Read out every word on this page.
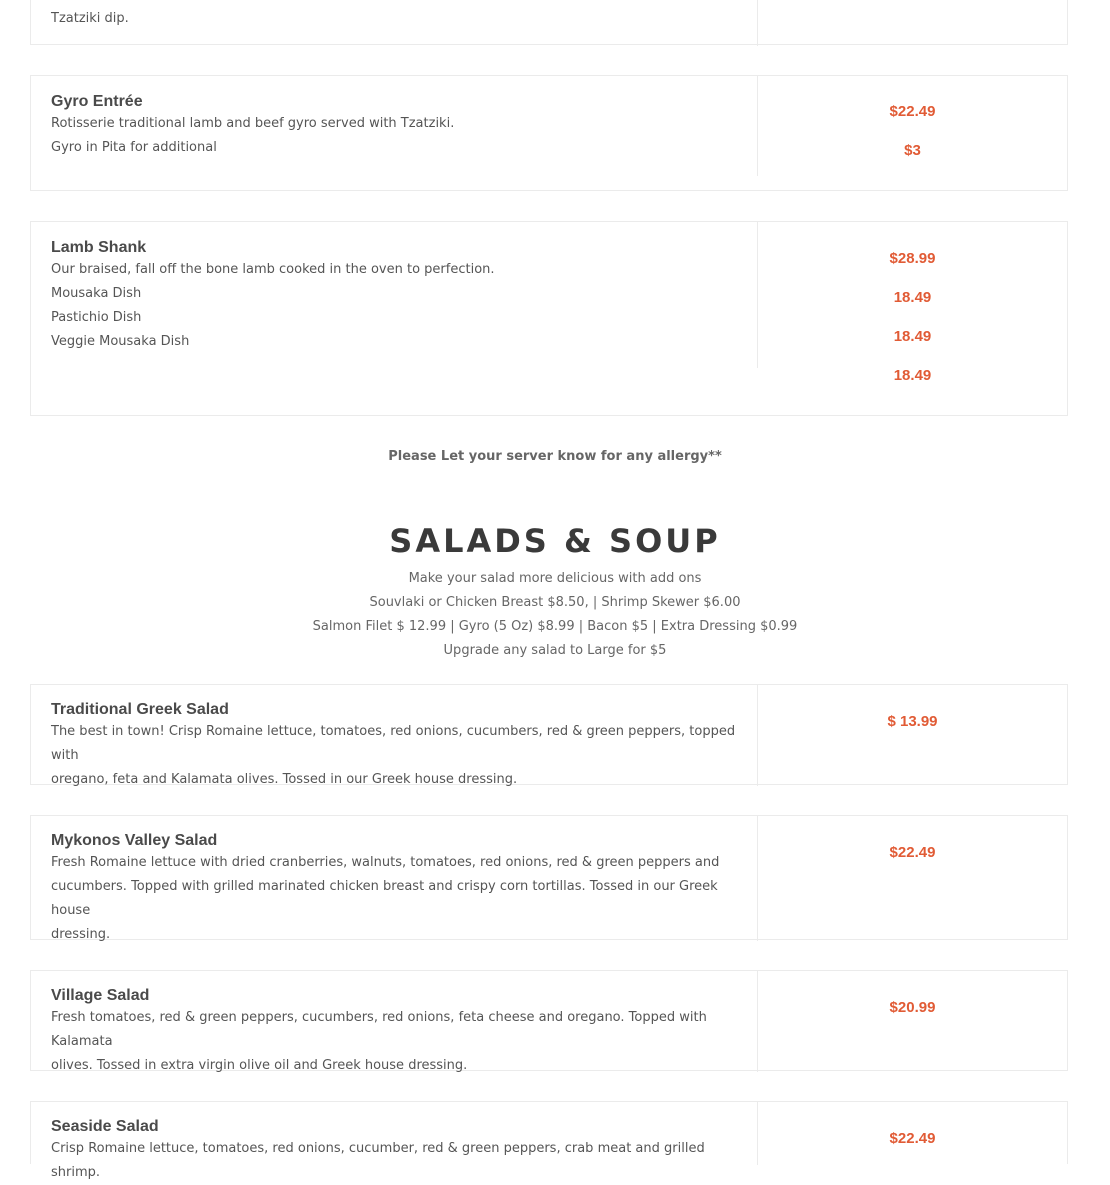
Tzatziki dip.

Gyro Entrée

Rotisserie traditional lamb and beef gyro served with Tzatziki.

Gyro in Pita for additional

$22.49
$3

Lamb Shank

Our braised, fall off the bone lamb cooked in the oven to perfection.

Mousaka Dish

Pastichio Dish

Veggie Mousaka Dish

$28.99
18.49
18.49
18.49
Please Let your server know for any allergy**
SALADS & SOUP
Make your salad more delicious with add ons
Souvlaki or Chicken Breast $8.50, | Shrimp Skewer $6.00
Salmon Filet $ 12.99 | Gyro (5 Oz) $8.99 | Bacon $5 | Extra Dressing $0.99
Upgrade any salad to Large for $5

Traditional Greek Salad

The best in town! Crisp Romaine lettuce, tomatoes, red onions, cucumbers, red & green peppers, topped with

oregano, feta and Kalamata olives. Tossed in our Greek house dressing.

$ 13.99

Mykonos Valley Salad

Fresh Romaine lettuce with dried cranberries, walnuts, tomatoes, red onions, red & green peppers and

cucumbers. Topped with grilled marinated chicken breast and crispy corn tortillas. Tossed in our Greek house

dressing.

$22.49

Village Salad

Fresh tomatoes, red & green peppers, cucumbers, red onions, feta cheese and oregano. Topped with Kalamata

olives. Tossed in extra virgin olive oil and Greek house dressing.

$20.99

Seaside Salad

Crisp Romaine lettuce, tomatoes, red onions, cucumber, red & green peppers, crab meat and grilled shrimp.

$22.49
